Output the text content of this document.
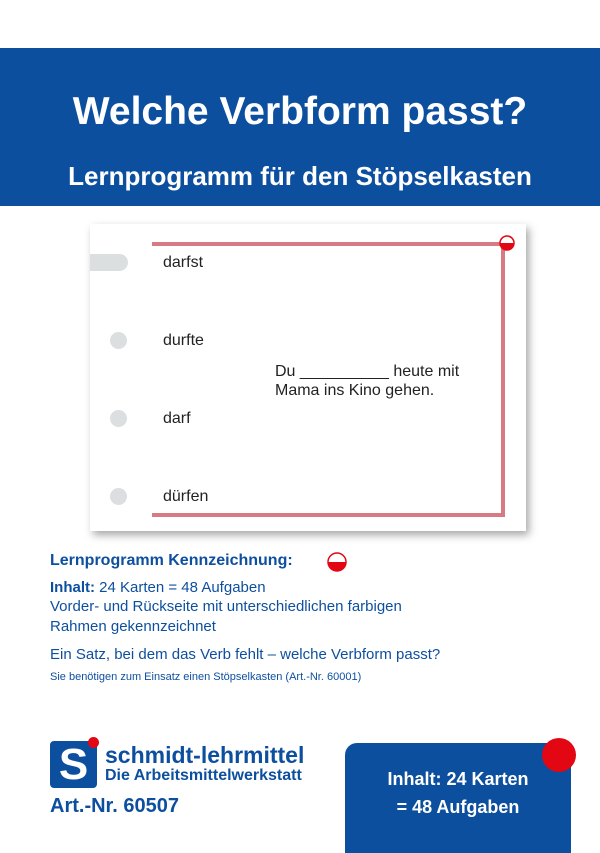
Welche Verbform passt?
Lernprogramm für den Stöpselkasten
darfst
durfte
darf
dürfen
Du __________ heute mit
Mama ins Kino gehen.
Lernprogramm Kennzeichnung:
Inhalt: 24 Karten = 48 Aufgaben
Vorder- und Rückseite mit unterschiedlichen farbigen
Rahmen gekennzeichnet
Ein Satz, bei dem das Verb fehlt – welche Verbform passt?
Sie benötigen zum Einsatz einen Stöpselkasten (Art.-Nr. 60001)
S schmidt-lehrmittel
Die Arbeitsmittelwerkstatt
Art.-Nr. 60507
Inhalt: 24 Karten
= 48 Aufgaben
